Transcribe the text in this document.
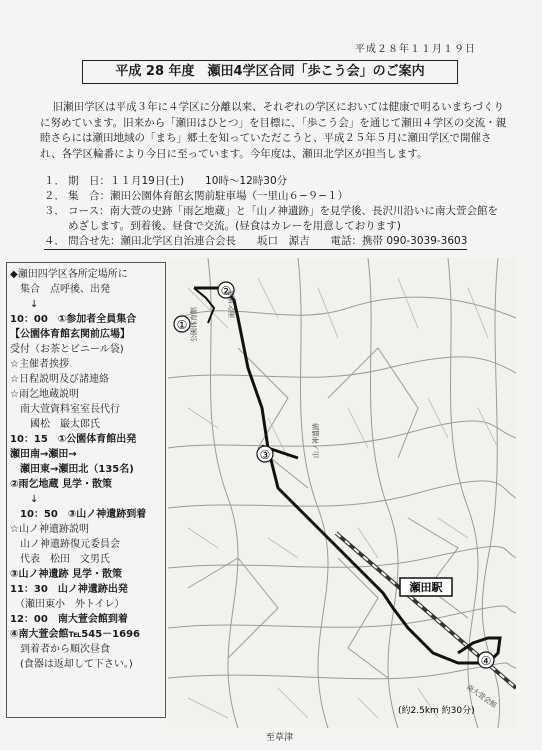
平成２８年１１月１９日
平成 28 年度　瀬田4学区合同「歩こう会」のご案内
旧瀬田学区は平成３年に４学区に分離以来、それぞれの学区においては健康で明るいまちづくりに努めています。旧来から「瀬田はひとつ」を目標に、「歩こう会」を通じて瀬田４学区の交流・親睦さらには瀬田地域の「まち」郷土を知っていただこうと、平成２５年５月に瀬田学区で開催され、各学区輪番により今日に至っています。今年度は、瀬田北学区が担当します。
１． 期　日：１１月19日(土)　　10時～12時30分
２． 集　合：瀬田公園体育館玄関前駐車場（一里山６−９−１）
３． コース：南大萱の史跡「雨乞地蔵」と「山ノ神遺跡」を見学後、長沢川沿いに南大萱会館をめざします。到着後、昼食で交流。(昼食はカレーを用意しております)
４． 問合せ先：瀬田北学区自治連合会長　　坂口　源吉　　電話：携帯 090-3039-3603
◆瀬田四学区各所定場所に
　集合　点呼後、出発
　　↓
10：00　①参加者全員集合
【公園体育館玄関前広場】
受付（お茶とビニール袋)
☆主催者挨拶
☆日程説明及び諸連絡
☆雨乞地蔵説明
　南大萱資料室室長代行
　　國松　巌太郎氏
10：15　①公園体育館出発
瀬田南→瀬田→
　瀬田東→瀬田北（135名)
②雨乞地蔵 見学・散策
　　↓
　10：50　③山ノ神遺跡到着
☆山ノ神遺跡説明
　山ノ神遺跡復元委員会
　代表　松田　文男氏
③山ノ神遺跡 見学・散策
11：30　山ノ神遺跡出発
　（瀬田東小　外トイレ）
12：00　南大萱会館到着
④南大萱会館℡545－1696
　到着者から順次昼食
　(食器は返却して下さい。)
①
②
③
④
公園体育館
雨乞地蔵
山ノ神遺跡
南大萱会館
瀬田駅
(約2.5km 約30分)
至草津
